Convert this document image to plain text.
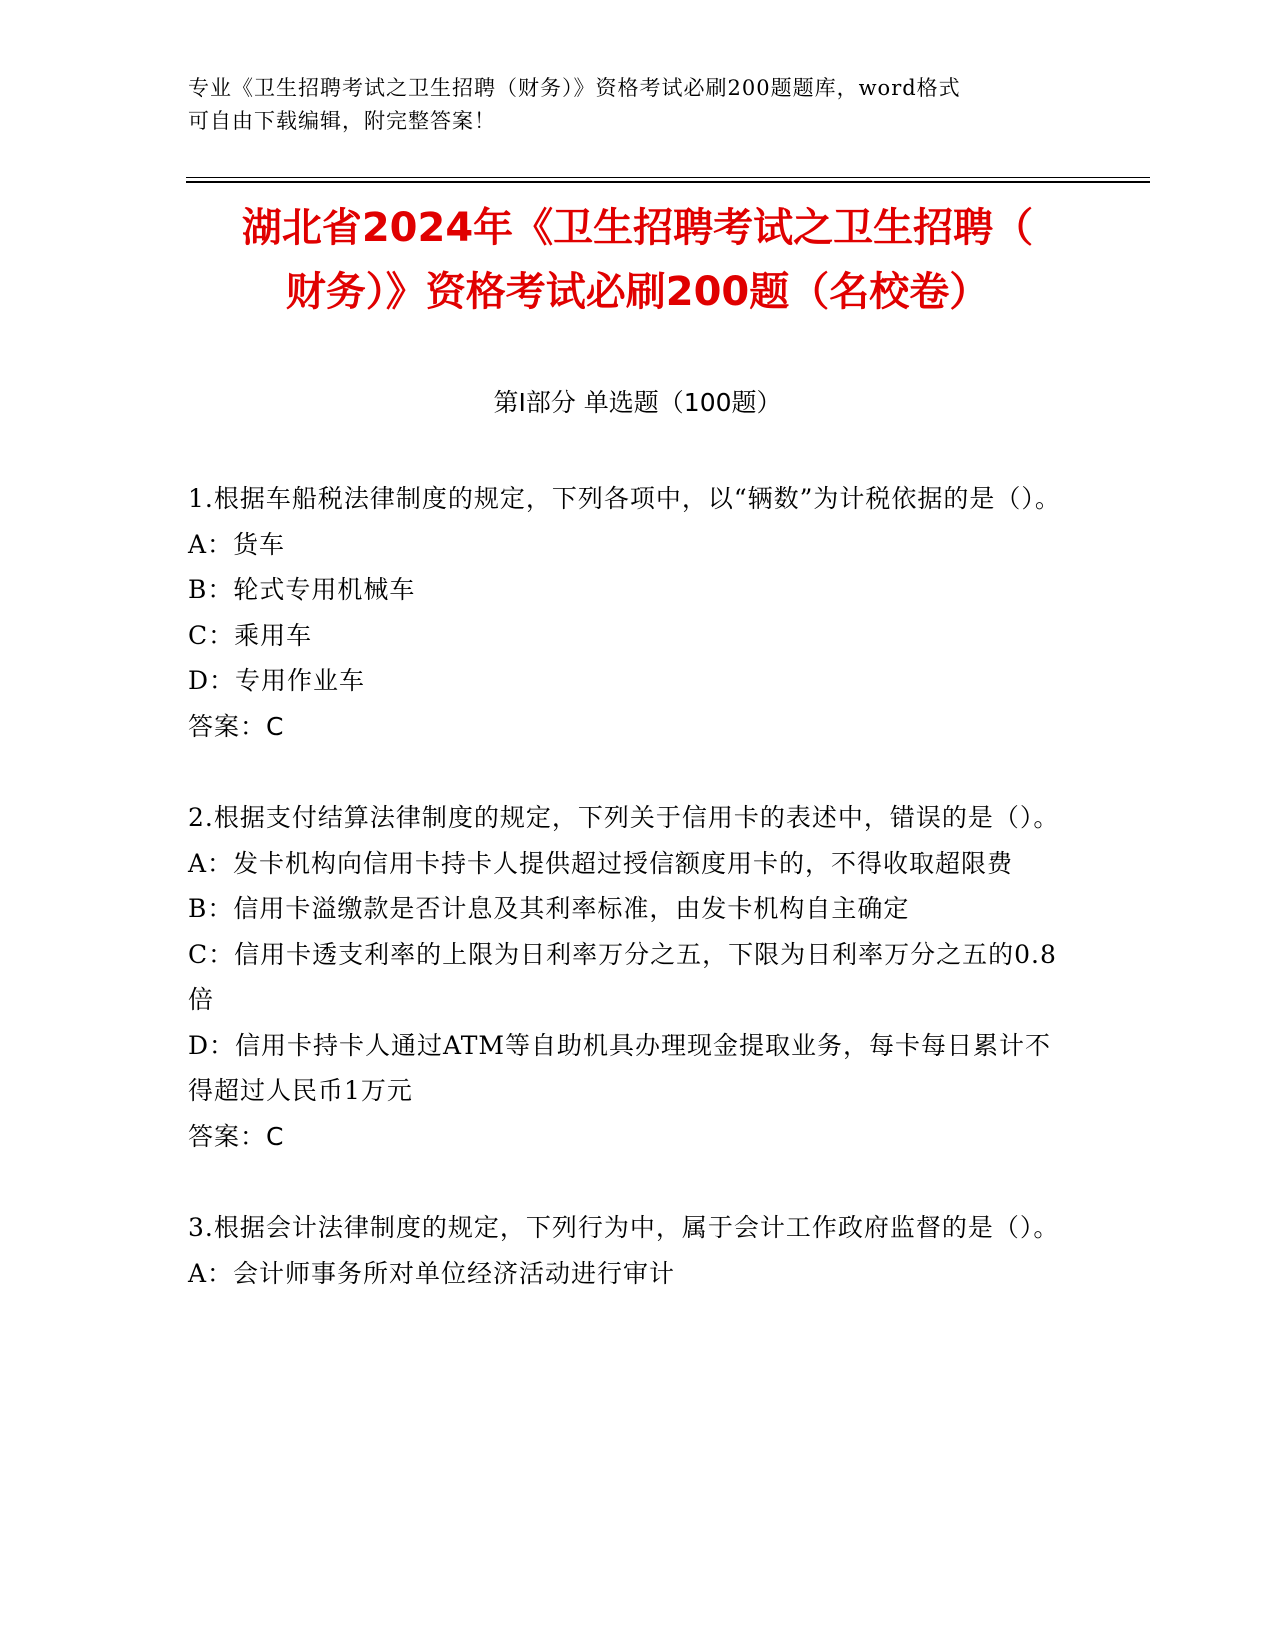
专业《卫生招聘考试之卫生招聘（财务）》资格考试必刷200题题库，word格式
可自由下载编辑，附完整答案！
湖北省2024年《卫生招聘考试之卫生招聘（
财务）》资格考试必刷200题（名校卷）
第Ⅰ部分 单选题（100题）

1.根据车船税法律制度的规定，下列各项中，以“辆数”为计税依据的是（）。

A：货车

B：轮式专用机械车

C：乘用车

D：专用作业车

答案：C

2.根据支付结算法律制度的规定，下列关于信用卡的表述中，错误的是（）。

A：发卡机构向信用卡持卡人提供超过授信额度用卡的，不得收取超限费

B：信用卡溢缴款是否计息及其利率标准，由发卡机构自主确定

C：信用卡透支利率的上限为日利率万分之五，下限为日利率万分之五的0.8倍

D：信用卡持卡人通过ATM等自助机具办理现金提取业务，每卡每日累计不得超过人民币1万元

答案：C

3.根据会计法律制度的规定，下列行为中，属于会计工作政府监督的是（）。

A：会计师事务所对单位经济活动进行审计
